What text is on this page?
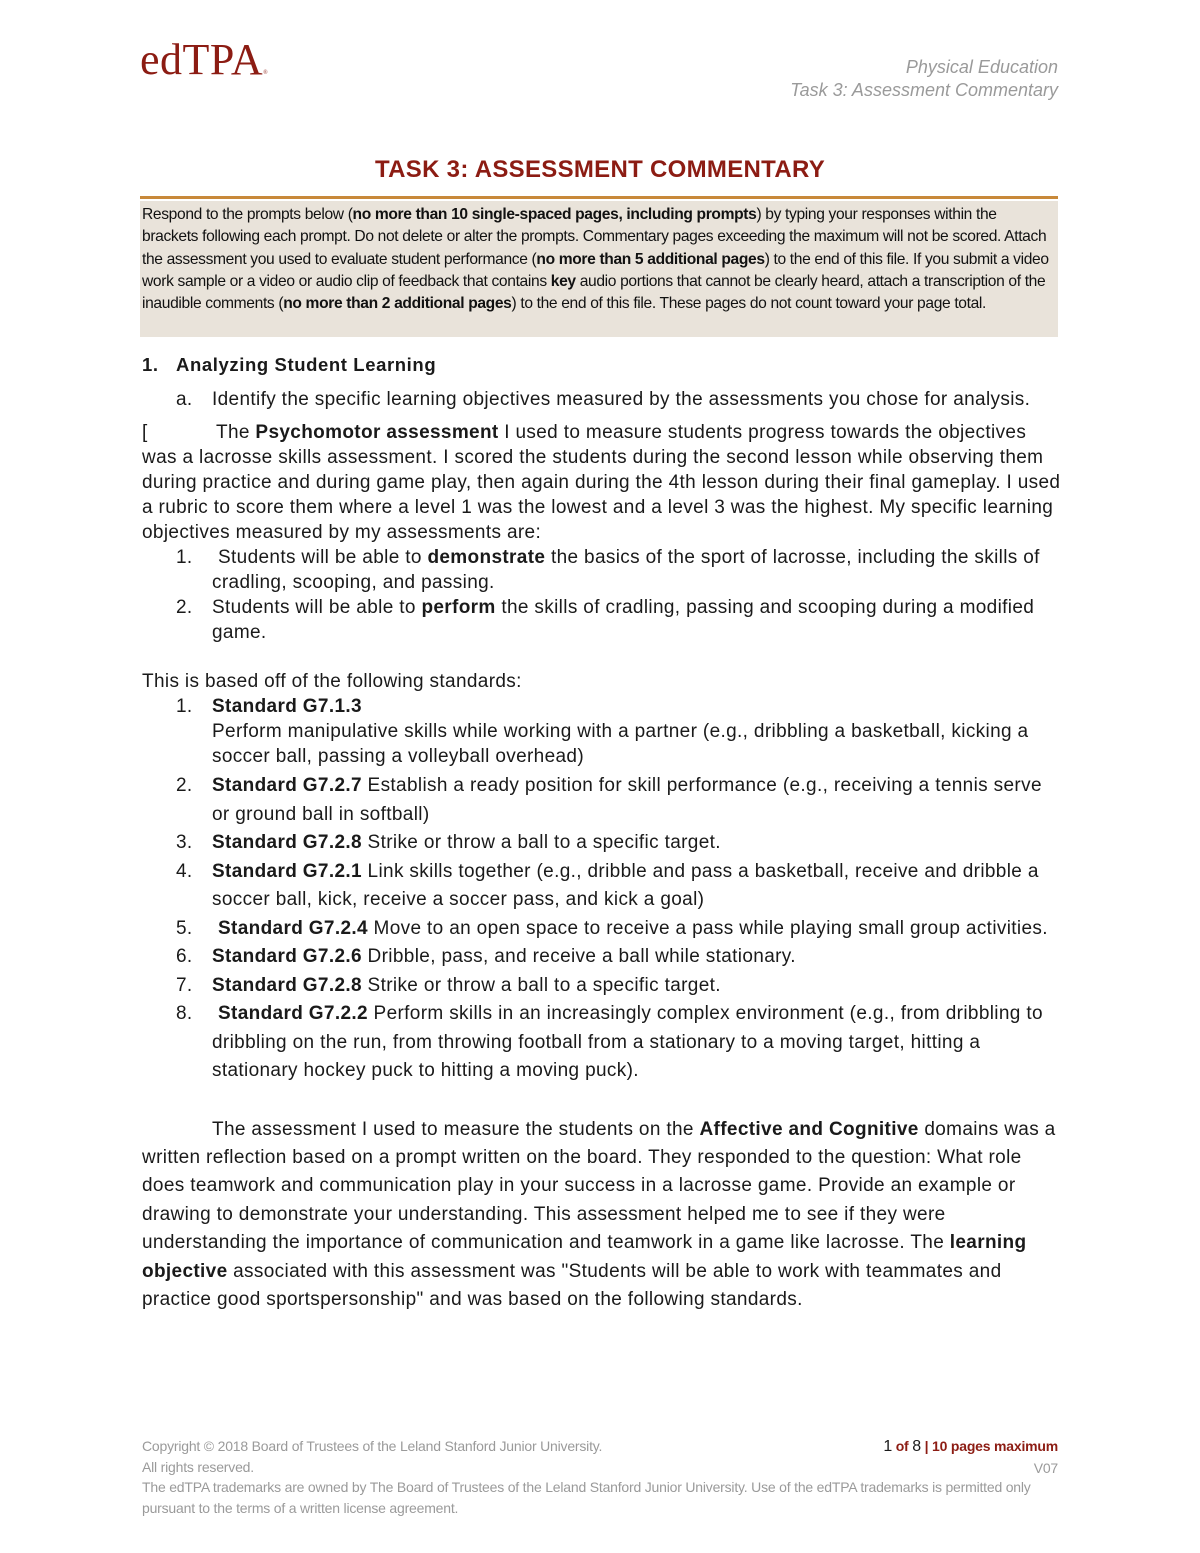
edTPA®	Physical Education
Task 3: Assessment Commentary
TASK 3: ASSESSMENT COMMENTARY
Respond to the prompts below (no more than 10 single-spaced pages, including prompts) by typing your responses within the brackets following each prompt. Do not delete or alter the prompts. Commentary pages exceeding the maximum will not be scored. Attach the assessment you used to evaluate student performance (no more than 5 additional pages) to the end of this file. If you submit a video work sample or a video or audio clip of feedback that contains key audio portions that cannot be clearly heard, attach a transcription of the inaudible comments (no more than 2 additional pages) to the end of this file. These pages do not count toward your page total.
1. Analyzing Student Learning
a. Identify the specific learning objectives measured by the assessments you chose for analysis.
[	The Psychomotor assessment I used to measure students progress towards the objectives was a lacrosse skills assessment. I scored the students during the second lesson while observing them during practice and during game play, then again during the 4th lesson during their final gameplay. I used a rubric to score them where a level 1 was the lowest and a level 3 was the highest. My specific learning objectives measured by my assessments are:
1. Students will be able to demonstrate the basics of the sport of lacrosse, including the skills of cradling, scooping, and passing.
2. Students will be able to perform the skills of cradling, passing and scooping during a modified game.
This is based off of the following standards:
1. Standard G7.1.3
Perform manipulative skills while working with a partner (e.g., dribbling a basketball, kicking a soccer ball, passing a volleyball overhead)
2. Standard G7.2.7 Establish a ready position for skill performance (e.g., receiving a tennis serve or ground ball in softball)
3. Standard G7.2.8 Strike or throw a ball to a specific target.
4. Standard G7.2.1 Link skills together (e.g., dribble and pass a basketball, receive and dribble a soccer ball, kick, receive a soccer pass, and kick a goal)
5. Standard G7.2.4 Move to an open space to receive a pass while playing small group activities.
6. Standard G7.2.6 Dribble, pass, and receive a ball while stationary.
7. Standard G7.2.8 Strike or throw a ball to a specific target.
8. Standard G7.2.2 Perform skills in an increasingly complex environment (e.g., from dribbling to dribbling on the run, from throwing football from a stationary to a moving target, hitting a stationary hockey puck to hitting a moving puck).
The assessment I used to measure the students on the Affective and Cognitive domains was a written reflection based on a prompt written on the board. They responded to the question: What role does teamwork and communication play in your success in a lacrosse game. Provide an example or drawing to demonstrate your understanding. This assessment helped me to see if they were understanding the importance of communication and teamwork in a game like lacrosse. The learning objective associated with this assessment was "Students will be able to work with teammates and practice good sportspersonship" and was based on the following standards.
Copyright © 2018 Board of Trustees of the Leland Stanford Junior University.
All rights reserved.
The edTPA trademarks are owned by The Board of Trustees of the Leland Stanford Junior University. Use of the edTPA trademarks is permitted only pursuant to the terms of a written license agreement.
1 of 8 | 10 pages maximum
V07
